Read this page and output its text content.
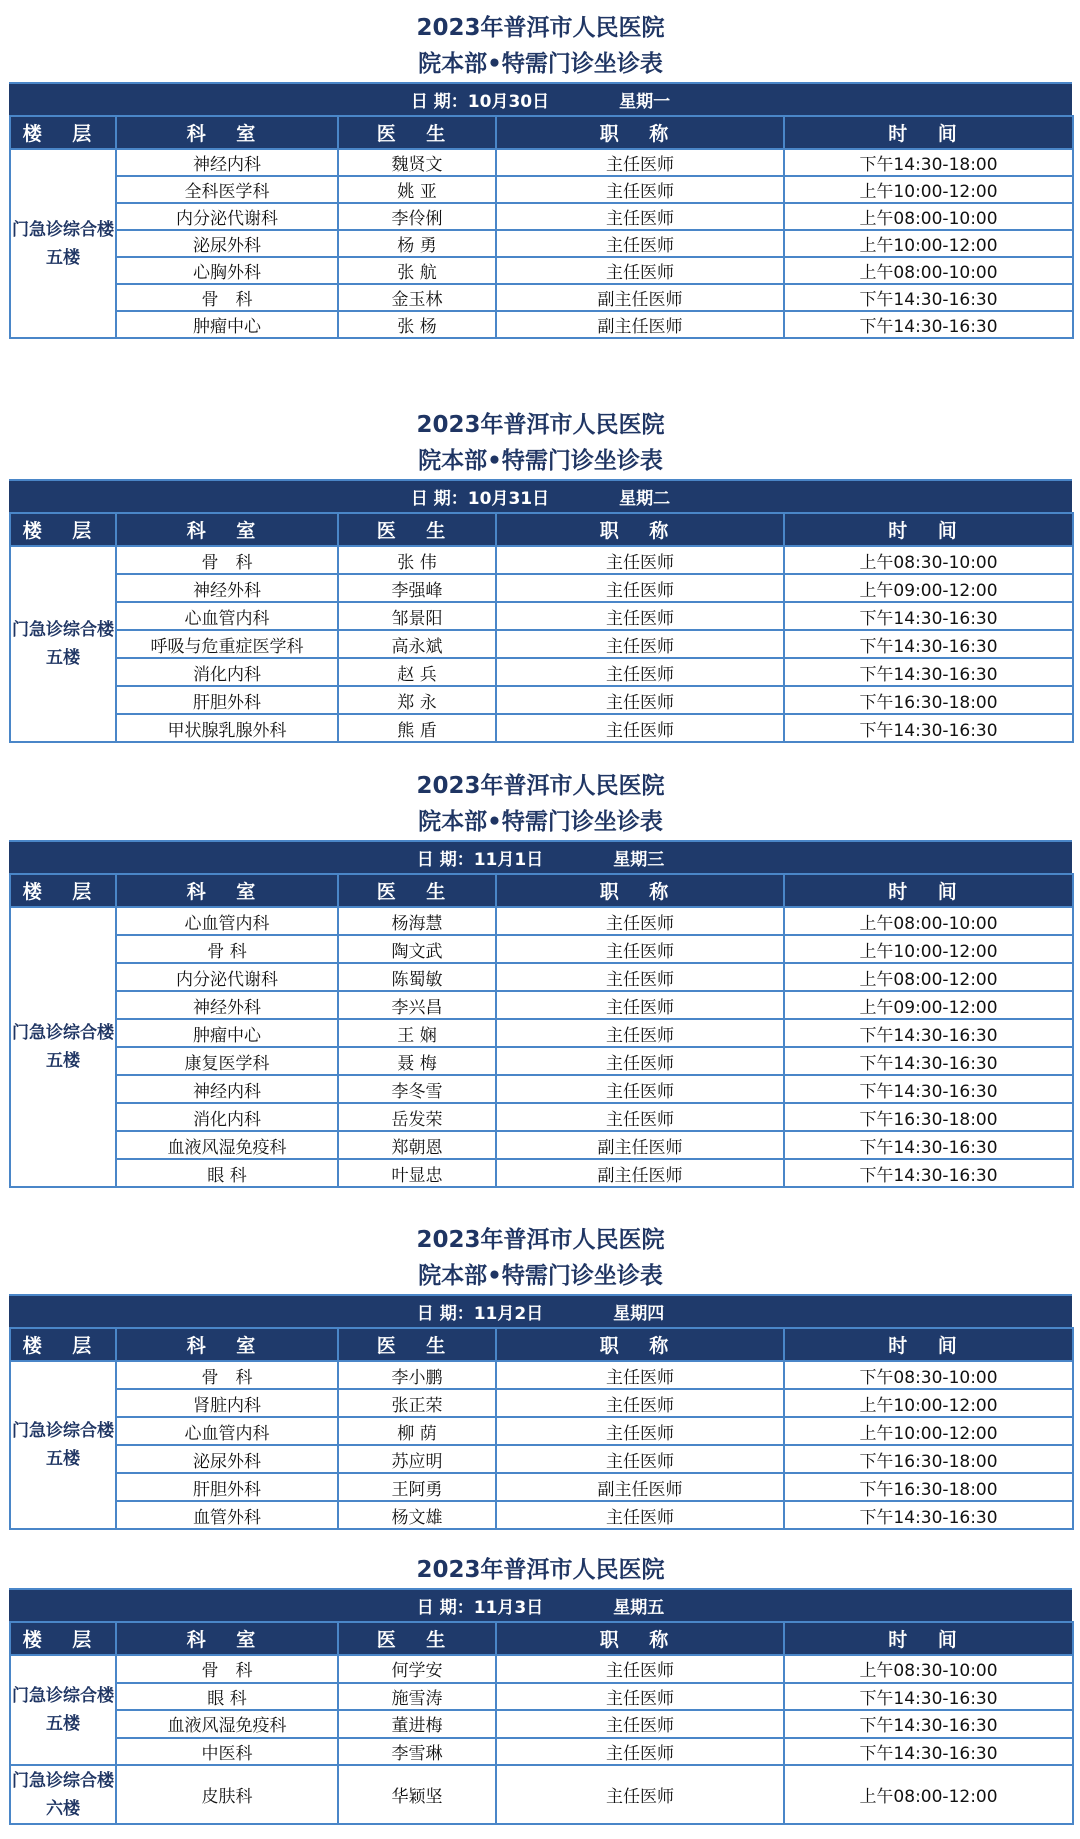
2023年普洱市人民医院
院本部•特需门诊坐诊表
日 期： 10月30日	星期一
楼 层	科 室	医 生	职 称	时 间
门急诊综合楼五楼	神经内科	魏贤文	主任医师	下午14:30-18:00
	全科医学科	姚 亚	主任医师	上午10:00-12:00
	内分泌代谢科	李伶俐	主任医师	上午08:00-10:00
	泌尿外科	杨 勇	主任医师	上午10:00-12:00
	心胸外科	张 航	主任医师	上午08:00-10:00
	骨　科	金玉林	副主任医师	下午14:30-16:30
	肿瘤中心	张 杨	副主任医师	下午14:30-16:30
2023年普洱市人民医院
院本部•特需门诊坐诊表
日 期： 10月31日	星期二
楼 层	科 室	医 生	职 称	时 间
门急诊综合楼五楼	骨　科	张 伟	主任医师	上午08:30-10:00
	神经外科	李强峰	主任医师	上午09:00-12:00
	心血管内科	邹景阳	主任医师	下午14:30-16:30
	呼吸与危重症医学科	高永斌	主任医师	下午14:30-16:30
	消化内科	赵 兵	主任医师	下午14:30-16:30
	肝胆外科	郑 永	主任医师	下午16:30-18:00
	甲状腺乳腺外科	熊 盾	主任医师	下午14:30-16:30
2023年普洱市人民医院
院本部•特需门诊坐诊表
日 期： 11月1日	星期三
楼 层	科 室	医 生	职 称	时 间
门急诊综合楼五楼	心血管内科	杨海慧	主任医师	上午08:00-10:00
	骨 科	陶文武	主任医师	上午10:00-12:00
	内分泌代谢科	陈蜀敏	主任医师	上午08:00-12:00
	神经外科	李兴昌	主任医师	上午09:00-12:00
	肿瘤中心	王 娴	主任医师	下午14:30-16:30
	康复医学科	聂 梅	主任医师	下午14:30-16:30
	神经内科	李冬雪	主任医师	下午14:30-16:30
	消化内科	岳发荣	主任医师	下午16:30-18:00
	血液风湿免疫科	郑朝恩	副主任医师	下午14:30-16:30
	眼 科	叶显忠	副主任医师	下午14:30-16:30
2023年普洱市人民医院
院本部•特需门诊坐诊表
日 期： 11月2日	星期四
楼 层	科 室	医 生	职 称	时 间
门急诊综合楼五楼	骨　科	李小鹏	主任医师	下午08:30-10:00
	肾脏内科	张正荣	主任医师	上午10:00-12:00
	心血管内科	柳 荫	主任医师	上午10:00-12:00
	泌尿外科	苏应明	主任医师	下午16:30-18:00
	肝胆外科	王阿勇	副主任医师	下午16:30-18:00
	血管外科	杨文雄	主任医师	下午14:30-16:30
2023年普洱市人民医院
日 期： 11月3日	星期五
楼 层	科 室	医 生	职 称	时 间
门急诊综合楼五楼	骨　科	何学安	主任医师	上午08:30-10:00
	眼 科	施雪涛	主任医师	下午14:30-16:30
	血液风湿免疫科	董进梅	主任医师	下午14:30-16:30
	中医科	李雪琳	主任医师	下午14:30-16:30
门急诊综合楼六楼	皮肤科	华颖坚	主任医师	上午08:00-12:00
